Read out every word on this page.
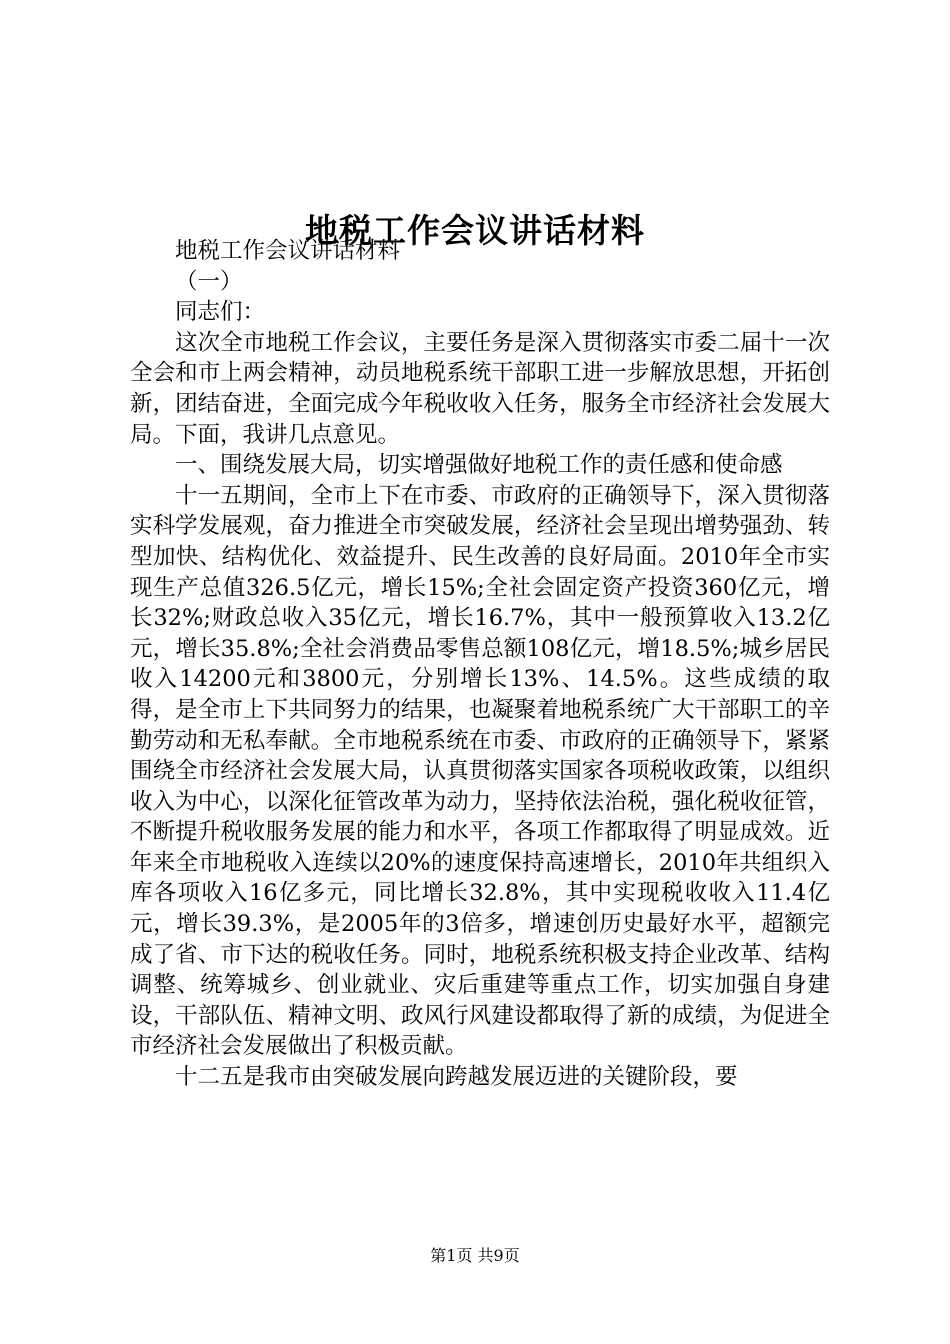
地税工作会议讲话材料

地税工作会议讲话材料

（一）

同志们：

这次全市地税工作会议，主要任务是深入贯彻落实市委二届十一次全会和市上两会精神，动员地税系统干部职工进一步解放思想，开拓创新，团结奋进，全面完成今年税收收入任务，服务全市经济社会发展大局。下面，我讲几点意见。

一、围绕发展大局，切实增强做好地税工作的责任感和使命感

十一五期间，全市上下在市委、市政府的正确领导下，深入贯彻落实科学发展观，奋力推进全市突破发展，经济社会呈现出增势强劲、转型加快、结构优化、效益提升、民生改善的良好局面。2010年全市实现生产总值326.5亿元，增长15%;全社会固定资产投资360亿元，增长32%;财政总收入35亿元，增长16.7%，其中一般预算收入13.2亿元，增长35.8%;全社会消费品零售总额108亿元，增18.5%;城乡居民收入14200元和3800元，分别增长13%、14.5%。这些成绩的取得，是全市上下共同努力的结果，也凝聚着地税系统广大干部职工的辛勤劳动和无私奉献。全市地税系统在市委、市政府的正确领导下，紧紧围绕全市经济社会发展大局，认真贯彻落实国家各项税收政策，以组织收入为中心，以深化征管改革为动力，坚持依法治税，强化税收征管，不断提升税收服务发展的能力和水平，各项工作都取得了明显成效。近年来全市地税收入连续以20%的速度保持高速增长，2010年共组织入库各项收入16亿多元，同比增长32.8%，其中实现税收收入11.4亿元，增长39.3%，是2005年的3倍多，增速创历史最好水平，超额完成了省、市下达的税收任务。同时，地税系统积极支持企业改革、结构调整、统筹城乡、创业就业、灾后重建等重点工作，切实加强自身建设，干部队伍、精神文明、政风行风建设都取得了新的成绩，为促进全市经济社会发展做出了积极贡献。

十二五是我市由突破发展向跨越发展迈进的关键阶段，要

第1页 共9页
